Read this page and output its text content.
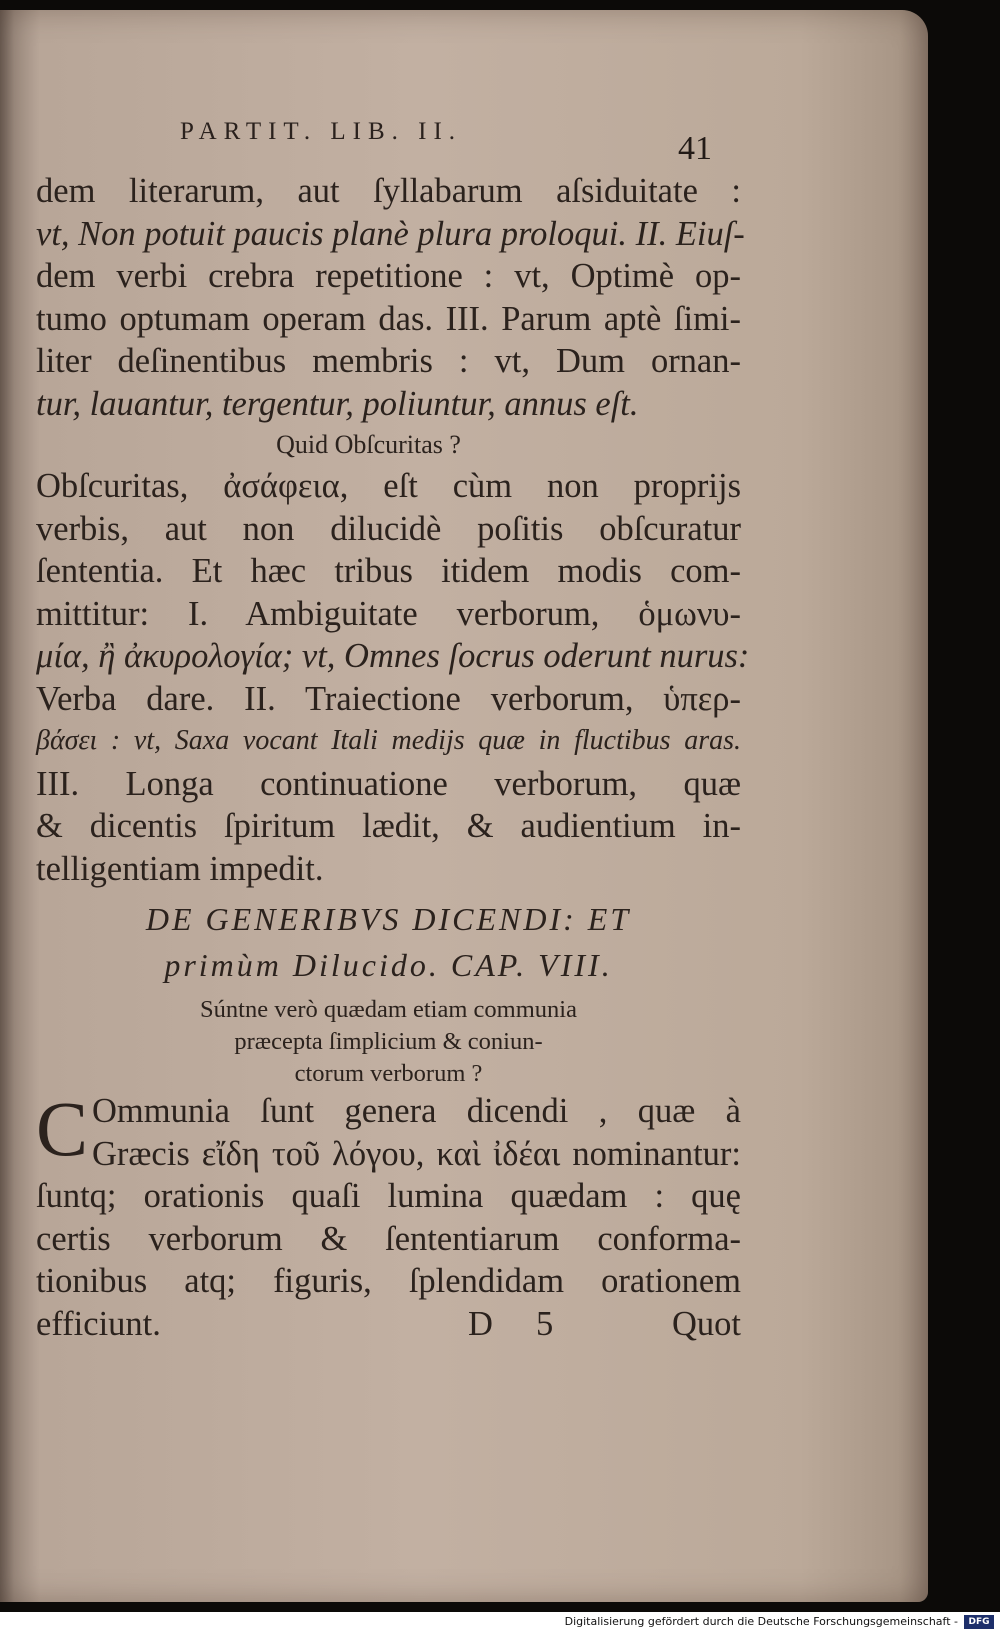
PARTIT. LIB. II.	41
dem literarum, aut ſyllabarum aſsiduitate :
vt, Non potuit paucis planè plura proloqui. II. Eiuſ-
dem verbi crebra repetitione : vt, Optimè op-
tumo optumam operam das. III. Parum aptè ſimi-
liter deſinentibus membris : vt, Dum ornan-
tur, lauantur, tergentur, poliuntur, annus eſt.
Quid Obſcuritas ?
Obſcuritas, ἀσάφεια, eſt cùm non proprijs
verbis, aut non dilucidè poſitis obſcuratur
ſententia. Et hæc tribus itidem modis com-
mittitur: I. Ambiguitate verborum, ὁμωνυ-
μία, ἢ ἀκυρολογία; vt, Omnes ſocrus oderunt nurus:
Verba dare. II. Traiectione verborum, ὑπερ-
βάσει : vt, Saxa vocant Itali medijs quæ in fluctibus aras.
III. Longa continuatione verborum, quæ
& dicentis ſpiritum lædit, & audientium in-
telligentiam impedit.
DE GENERIBVS DICENDI: ET
primùm Dilucido. CAP. VIII.
Súntne verò quædam etiam communia
præcepta ſimplicium & coniun-
ctorum verborum ?
C Ommunia ſunt genera dicendi , quæ à
Græcis εἴδη τοῦ λόγου, καὶ ἰδέαι nominantur:
ſuntq; orationis quaſi lumina quædam : quę
certis verborum & ſententiarum conforma-
tionibus atq; figuris, ſplendidam orationem
efficiunt.	D 5	Quot
Digitalisierung gefördert durch die Deutsche Forschungsgemeinschaft -	DFG
